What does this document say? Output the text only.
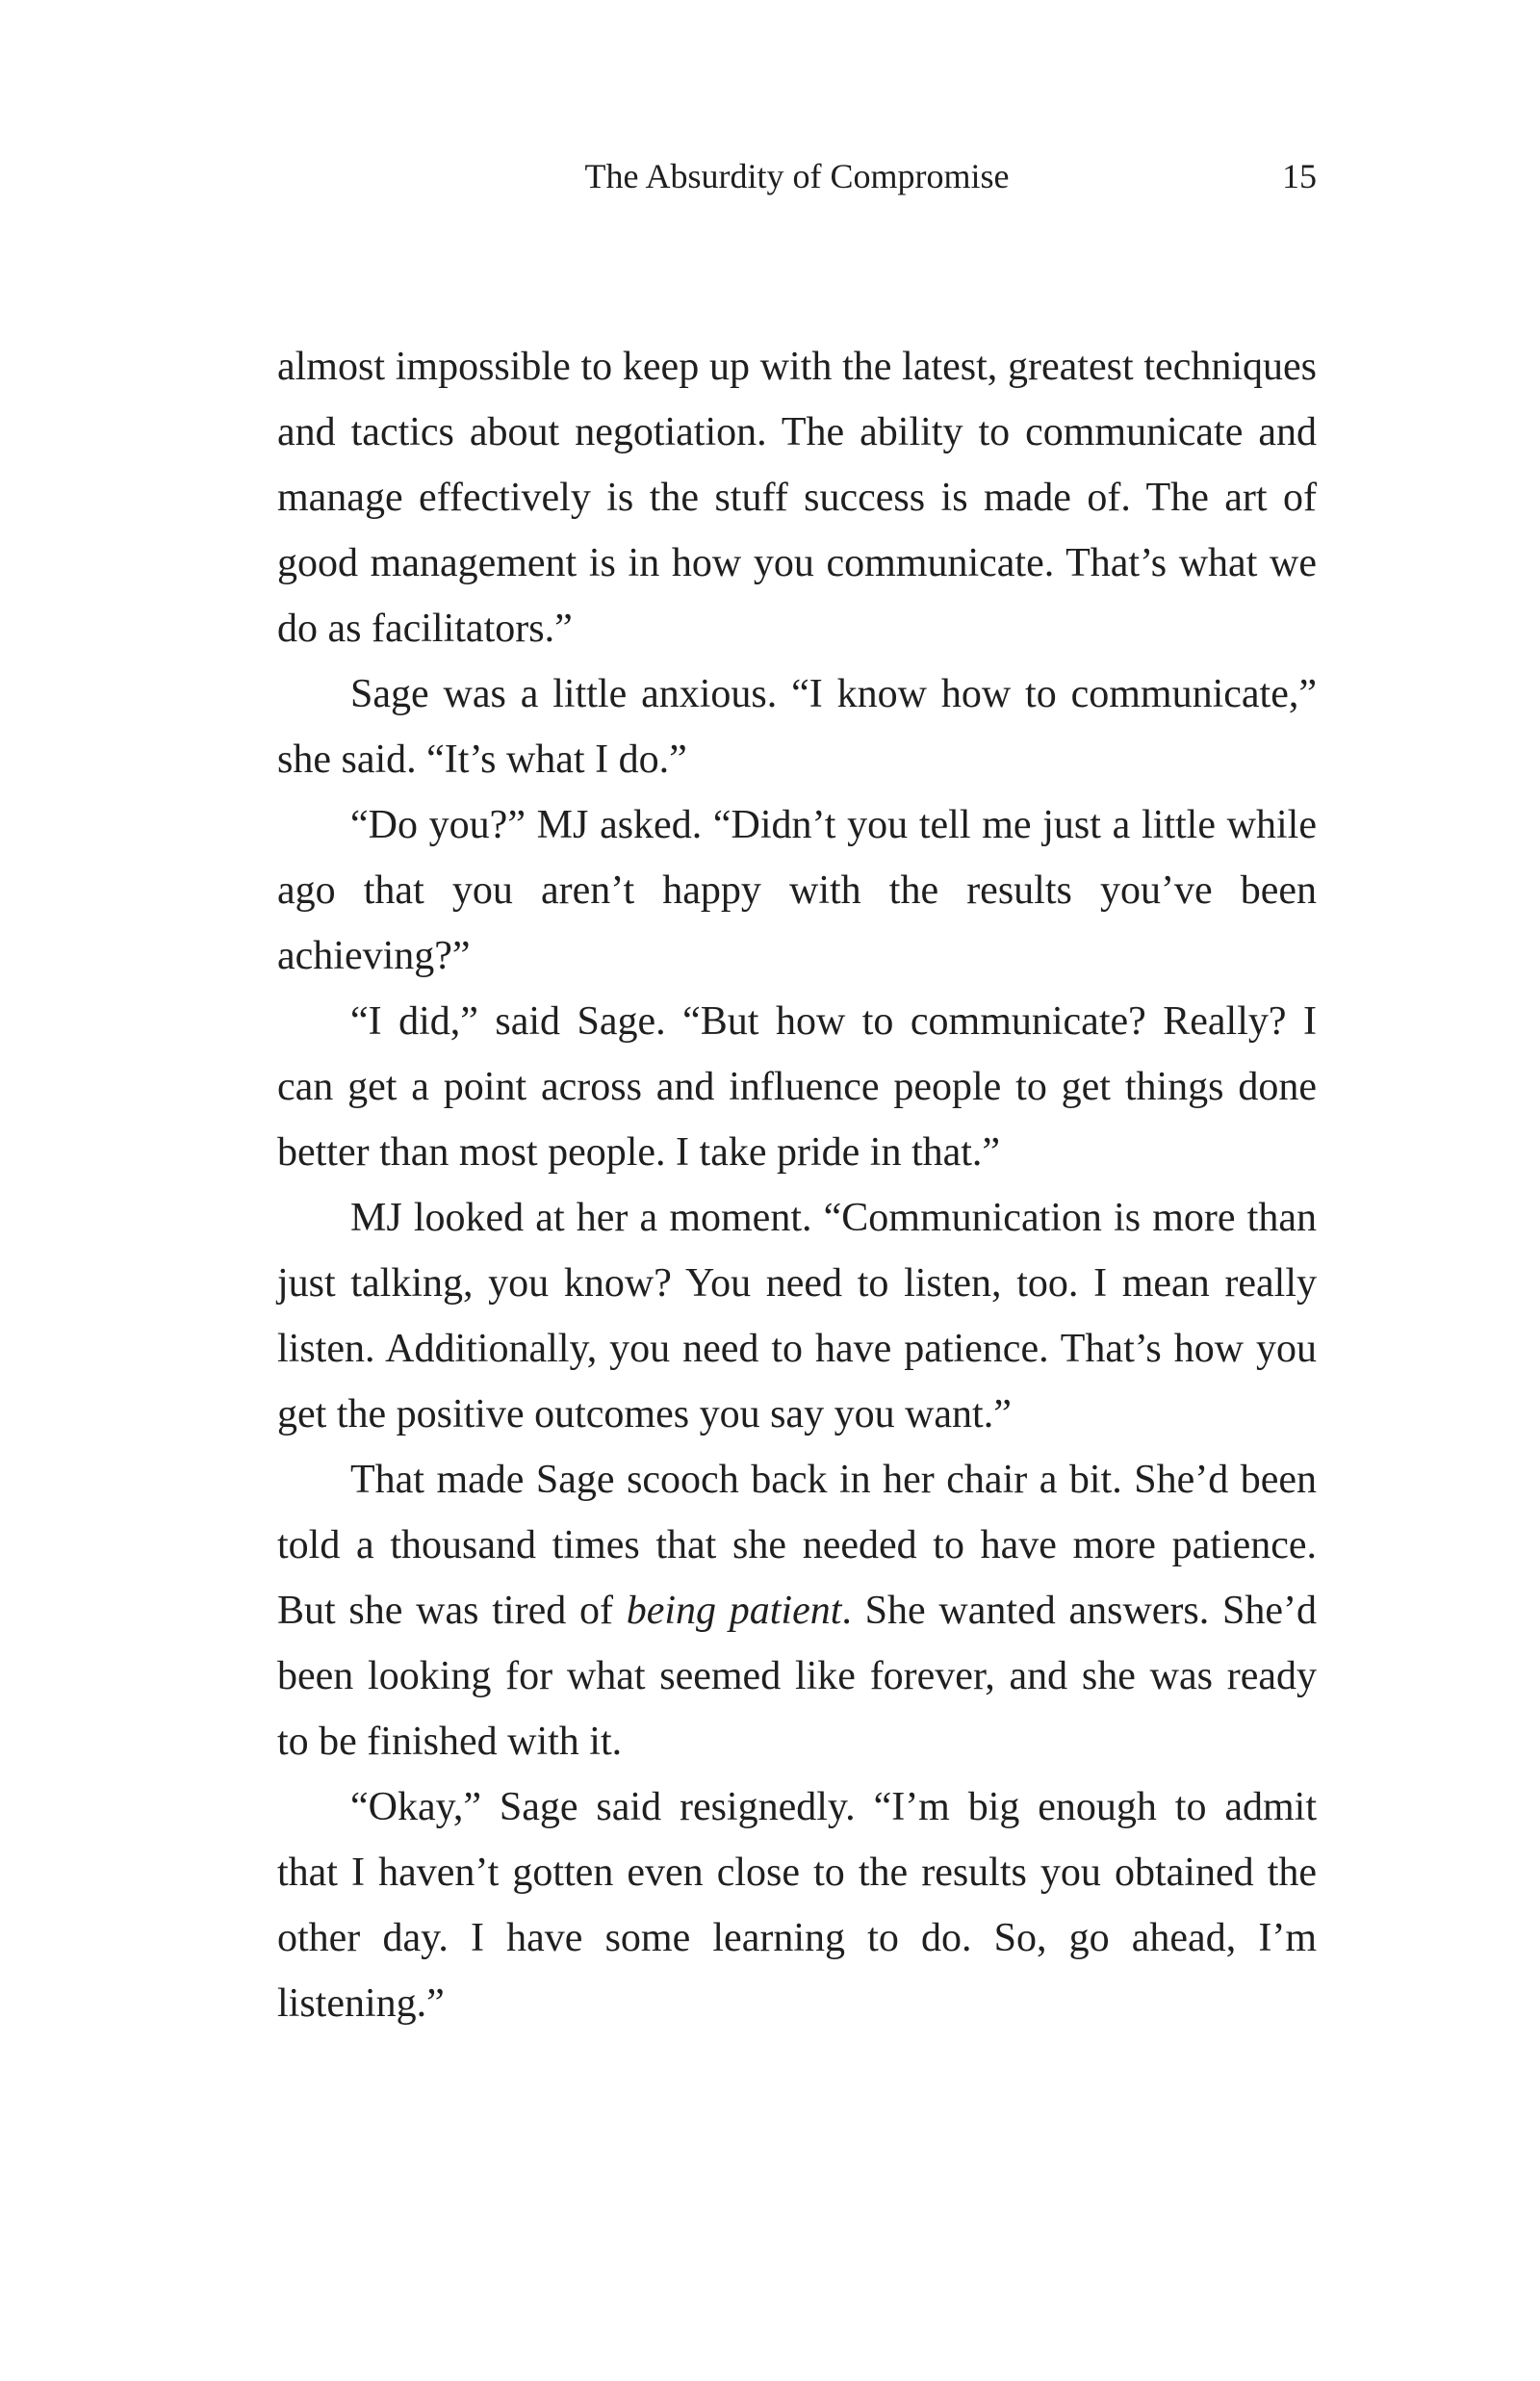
The Absurdity of Compromise	15

almost impossible to keep up with the latest, greatest techniques and tactics about negotiation. The ability to communicate and manage effectively is the stuff success is made of. The art of good management is in how you communicate. That’s what we do as facilitators.”

Sage was a little anxious. “I know how to communicate,” she said. “It’s what I do.”

“Do you?” MJ asked. “Didn’t you tell me just a little while ago that you aren’t happy with the results you’ve been achieving?”

“I did,” said Sage. “But how to communicate? Really? I can get a point across and influence people to get things done better than most people. I take pride in that.”

MJ looked at her a moment. “Communication is more than just talking, you know? You need to listen, too. I mean really listen. Additionally, you need to have patience. That’s how you get the positive outcomes you say you want.”

That made Sage scooch back in her chair a bit. She’d been told a thousand times that she needed to have more patience. But she was tired of being patient. She wanted answers. She’d been looking for what seemed like forever, and she was ready to be finished with it.

“Okay,” Sage said resignedly. “I’m big enough to admit that I haven’t gotten even close to the results you obtained the other day. I have some learning to do. So, go ahead, I’m listening.”
